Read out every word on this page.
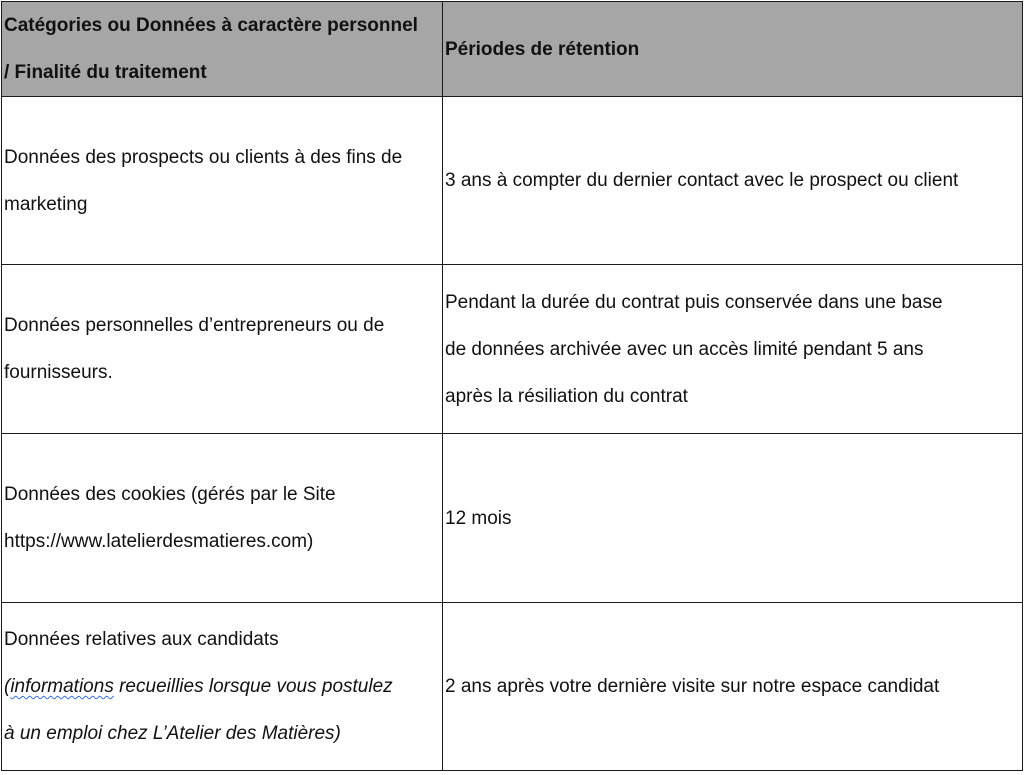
Catégories ou Données à caractère personnel
/ Finalité du traitement	Périodes de rétention

Données des prospects ou clients à des fins de
marketing	3 ans à compter du dernier contact avec le prospect ou client

Données personnelles d’entrepreneurs ou de
fournisseurs.	Pendant la durée du contrat puis conservée dans une base
de données archivée avec un accès limité pendant 5 ans
après la résiliation du contrat

Données des cookies (gérés par le Site
https://www.latelierdesmatieres.com)	12 mois

Données relatives aux candidats
(informations recueillies lorsque vous postulez
à un emploi chez L’Atelier des Matières)	2 ans après votre dernière visite sur notre espace candidat
